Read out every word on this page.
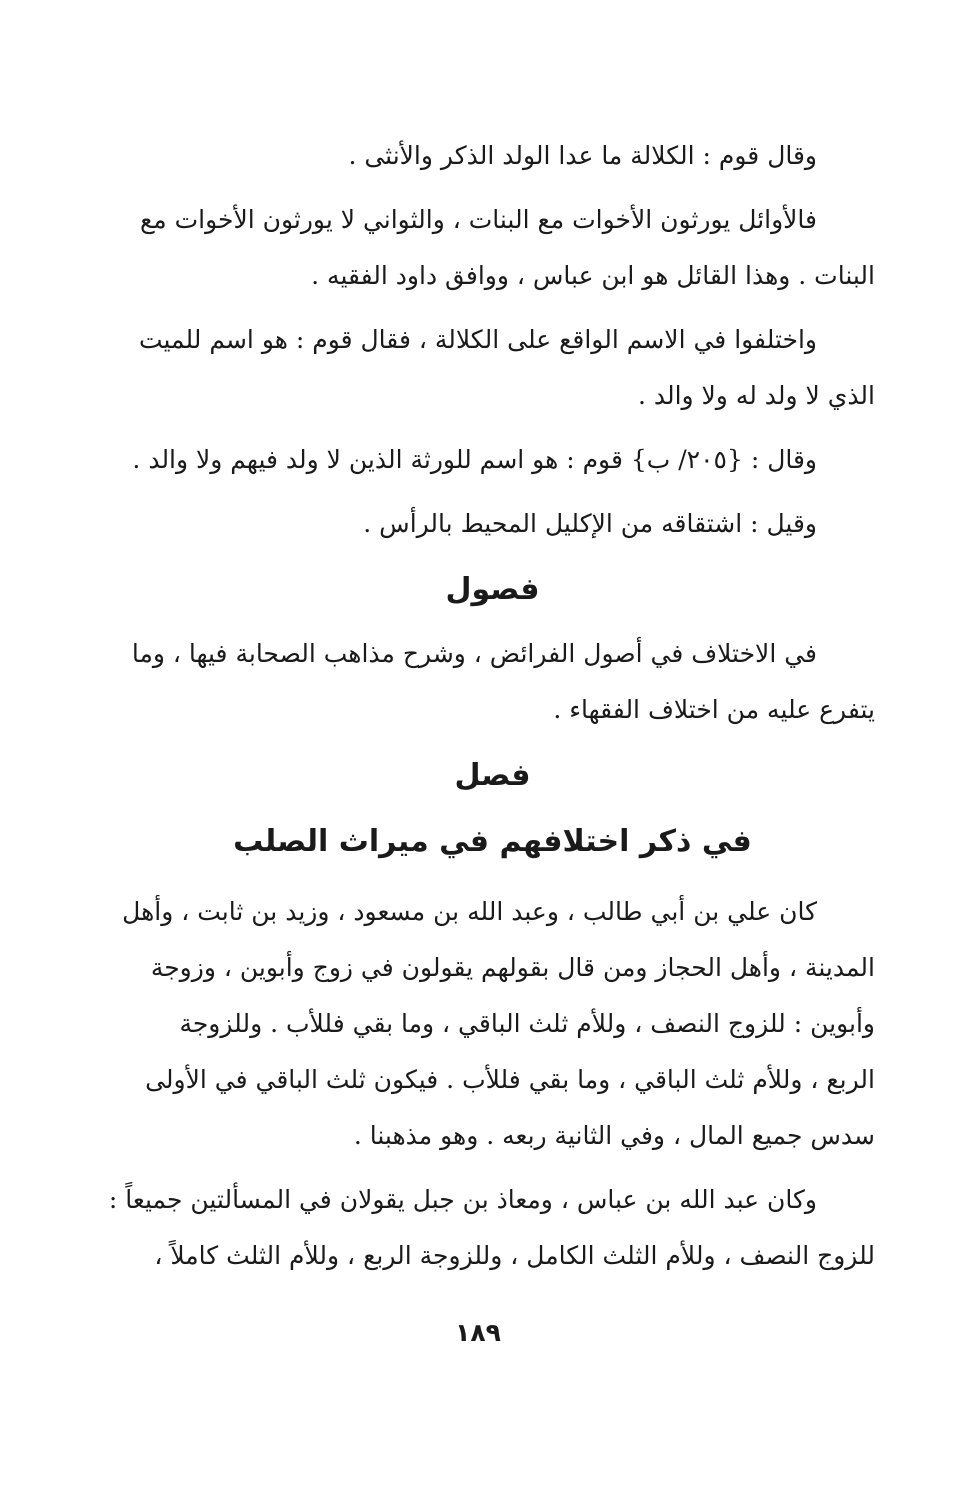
وقال قوم : الكلالة ما عدا الولد الذكر والأنثى .
فالأوائل يورثون الأخوات مع البنات ، والثواني لا يورثون الأخوات مع
البنات . وهذا القائل هو ابن عباس ، ووافق داود الفقيه .
واختلفوا في الاسم الواقع على الكلالة ، فقال قوم : هو اسم للميت
الذي لا ولد له ولا والد .
وقال : {٢٠٥/ ب} قوم : هو اسم للورثة الذين لا ولد فيهم ولا والد .
وقيل : اشتقاقه من الإكليل المحيط بالرأس .
فصول
في الاختلاف في أصول الفرائض ، وشرح مذاهب الصحابة فيها ، وما
يتفرع عليه من اختلاف الفقهاء .
فصل
في ذكر اختلافهم في ميراث الصلب
كان علي بن أبي طالب ، وعبد الله بن مسعود ، وزيد بن ثابت ، وأهل
المدينة ، وأهل الحجاز ومن قال بقولهم يقولون في زوج وأبوين ، وزوجة
وأبوين : للزوج النصف ، وللأم ثلث الباقي ، وما بقي فللأب . وللزوجة
الربع ، وللأم ثلث الباقي ، وما بقي فللأب . فيكون ثلث الباقي في الأولى
سدس جميع المال ، وفي الثانية ربعه . وهو مذهبنا .
وكان عبد الله بن عباس ، ومعاذ بن جبل يقولان في المسألتين جميعاً :
للزوج النصف ، وللأم الثلث الكامل ، وللزوجة الربع ، وللأم الثلث كاملاً ،
١٨٩
